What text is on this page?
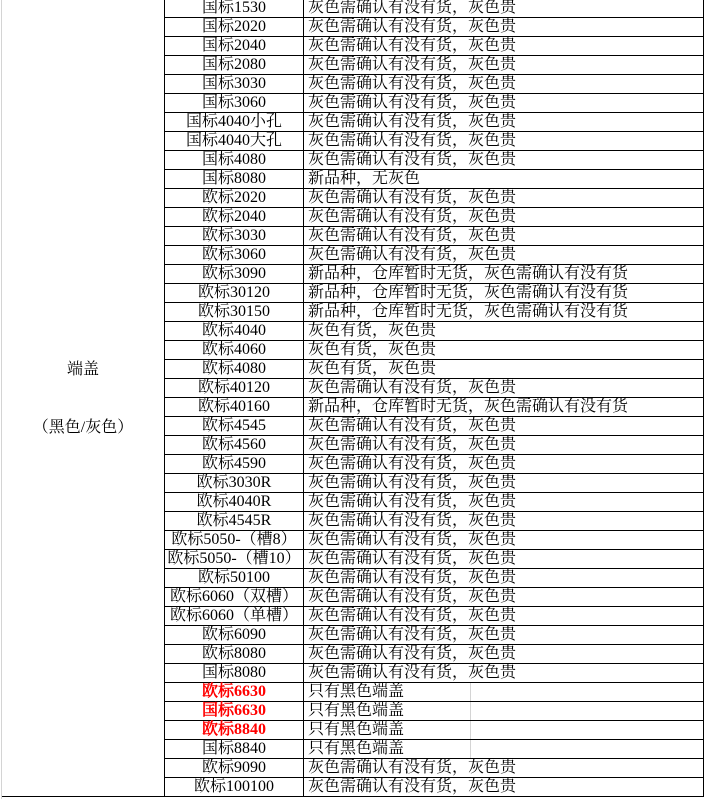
端盖
（黑色/灰色）
国标1530	灰色需确认有没有货，灰色贵
国标2020	灰色需确认有没有货，灰色贵
国标2040	灰色需确认有没有货，灰色贵
国标2080	灰色需确认有没有货，灰色贵
国标3030	灰色需确认有没有货，灰色贵
国标3060	灰色需确认有没有货，灰色贵
国标4040小孔	灰色需确认有没有货，灰色贵
国标4040大孔	灰色需确认有没有货，灰色贵
国标4080	灰色需确认有没有货，灰色贵
国标8080	新品种，无灰色
欧标2020	灰色需确认有没有货，灰色贵
欧标2040	灰色需确认有没有货，灰色贵
欧标3030	灰色需确认有没有货，灰色贵
欧标3060	灰色需确认有没有货，灰色贵
欧标3090	新品种，仓库暂时无货，灰色需确认有没有货
欧标30120	新品种，仓库暂时无货，灰色需确认有没有货
欧标30150	新品种，仓库暂时无货，灰色需确认有没有货
欧标4040	灰色有货，灰色贵
欧标4060	灰色有货，灰色贵
欧标4080	灰色有货，灰色贵
欧标40120	灰色需确认有没有货，灰色贵
欧标40160	新品种，仓库暂时无货，灰色需确认有没有货
欧标4545	灰色需确认有没有货，灰色贵
欧标4560	灰色需确认有没有货，灰色贵
欧标4590	灰色需确认有没有货，灰色贵
欧标3030R	灰色需确认有没有货，灰色贵
欧标4040R	灰色需确认有没有货，灰色贵
欧标4545R	灰色需确认有没有货，灰色贵
欧标5050-（槽8） 灰色需确认有没有货，灰色贵
欧标5050-（槽10） 灰色需确认有没有货，灰色贵
欧标50100	灰色需确认有没有货，灰色贵
欧标6060（双槽） 灰色需确认有没有货，灰色贵
欧标6060（单槽） 灰色需确认有没有货，灰色贵
欧标6090	灰色需确认有没有货，灰色贵
欧标8080	灰色需确认有没有货，灰色贵
国标8080	灰色需确认有没有货，灰色贵
欧标6630	只有黑色端盖
国标6630	只有黑色端盖
欧标8840	只有黑色端盖
国标8840	只有黑色端盖
欧标9090	灰色需确认有没有货，灰色贵
欧标100100	灰色需确认有没有货，灰色贵
